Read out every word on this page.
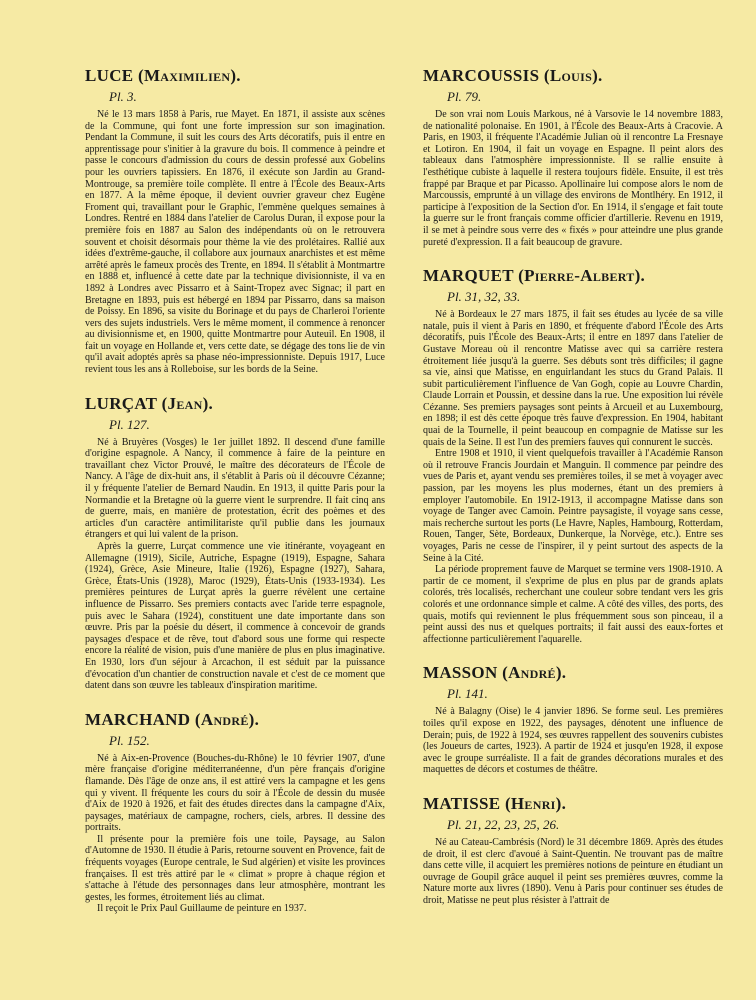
LUCE (Maximilien).
Pl. 3.

Né le 13 mars 1858 à Paris, rue Mayet. En 1871, il assiste aux scènes de la Commune, qui font une forte impression sur son imagination. Pendant la Commune, il suit les cours des Arts décoratifs, puis il entre en apprentissage pour s'initier à la gravure du bois. Il commence à peindre et passe le concours d'admission du cours de dessin professé aux Gobelins pour les ouvriers tapissiers. En 1876, il exécute son Jardin au Grand-Montrouge, sa première toile complète. Il entre à l'École des Beaux-Arts en 1877. A la même époque, il devient ouvrier graveur chez Eugène Froment qui, travaillant pour le Graphic, l'emmène quelques semaines à Londres. Rentré en 1884 dans l'atelier de Carolus Duran, il expose pour la première fois en 1887 au Salon des indépendants où on le retrouvera souvent et choisit désormais pour thème la vie des prolétaires. Rallié aux idées d'extrême-gauche, il collabore aux journaux anarchistes et est même arrêté après le fameux procès des Trente, en 1894. Il s'établit à Montmartre en 1888 et, influencé à cette date par la technique divisionniste, il va en 1892 à Londres avec Pissarro et à Saint-Tropez avec Signac; il part en Bretagne en 1893, puis est hébergé en 1894 par Pissarro, dans sa maison de Poissy. En 1896, sa visite du Borinage et du pays de Charleroi l'oriente vers des sujets industriels. Vers le même moment, il commence à renoncer au divisionnisme et, en 1900, quitte Montmartre pour Auteuil. En 1908, il fait un voyage en Hollande et, vers cette date, se dégage des tons lie de vin qu'il avait adoptés après sa phase néo-impressionniste. Depuis 1917, Luce revient tous les ans à Rolleboise, sur les bords de la Seine.

LURÇAT (Jean).
Pl. 127.

Né à Bruyères (Vosges) le 1er juillet 1892. Il descend d'une famille d'origine espagnole. A Nancy, il commence à faire de la peinture en travaillant chez Victor Prouvé, le maître des décorateurs de l'École de Nancy. A l'âge de dix-huit ans, il s'établit à Paris où il découvre Cézanne; il y fréquente l'atelier de Bernard Naudin. En 1913, il quitte Paris pour la Normandie et la Bretagne où la guerre vient le surprendre. Il fait cinq ans de guerre, mais, en manière de protestation, écrit des poèmes et des articles d'un caractère antimilitariste qu'il publie dans les journaux étrangers et qui lui valent de la prison.

Après la guerre, Lurçat commence une vie itinérante, voyageant en Allemagne (1919), Sicile, Autriche, Espagne (1919), Espagne, Sahara (1924), Grèce, Asie Mineure, Italie (1926), Espagne (1927), Sahara, Grèce, États-Unis (1928), Maroc (1929), États-Unis (1933-1934). Les premières peintures de Lurçat après la guerre révèlent une certaine influence de Pissarro. Ses premiers contacts avec l'aride terre espagnole, puis avec le Sahara (1924), constituent une date importante dans son œuvre. Pris par la poésie du désert, il commence à concevoir de grands paysages d'espace et de rêve, tout d'abord sous une forme qui respecte encore la réalité de vision, puis d'une manière de plus en plus imaginative. En 1930, lors d'un séjour à Arcachon, il est séduit par la puissance d'évocation d'un chantier de construction navale et c'est de ce moment que datent dans son œuvre les tableaux d'inspiration maritime.

MARCHAND (André).
Pl. 152.

Né à Aix-en-Provence (Bouches-du-Rhône) le 10 février 1907, d'une mère française d'origine méditerranéenne, d'un père français d'origine flamande. Dès l'âge de onze ans, il est attiré vers la campagne et les gens qui y vivent. Il fréquente les cours du soir à l'École de dessin du musée d'Aix de 1920 à 1926, et fait des études directes dans la campagne d'Aix, paysages, matériaux de campagne, rochers, ciels, arbres. Il dessine des portraits.

Il présente pour la première fois une toile, Paysage, au Salon d'Automne de 1930. Il étudie à Paris, retourne souvent en Provence, fait de fréquents voyages (Europe centrale, le Sud algérien) et visite les provinces françaises. Il est très attiré par le « climat » propre à chaque région et s'attache à l'étude des personnages dans leur atmosphère, montrant les gestes, les formes, étroitement liés au climat.

Il reçoit le Prix Paul Guillaume de peinture en 1937.

MARCOUSSIS (Louis).
Pl. 79.

De son vrai nom Louis Markous, né à Varsovie le 14 novembre 1883, de nationalité polonaise. En 1901, à l'École des Beaux-Arts à Cracovie. A Paris, en 1903, il fréquente l'Académie Julian où il rencontre La Fresnaye et Lotiron. En 1904, il fait un voyage en Espagne. Il peint alors des tableaux dans l'atmosphère impressionniste. Il se rallie ensuite à l'esthétique cubiste à laquelle il restera toujours fidèle. Ensuite, il est très frappé par Braque et par Picasso. Apollinaire lui compose alors le nom de Marcoussis, emprunté à un village des environs de Montlhéry. En 1912, il participe à l'exposition de la Section d'or. En 1914, il s'engage et fait toute la guerre sur le front français comme officier d'artillerie. Revenu en 1919, il se met à peindre sous verre des « fixés » pour atteindre une plus grande pureté d'expression. Il a fait beaucoup de gravure.

MARQUET (Pierre-Albert).
Pl. 31, 32, 33.

Né à Bordeaux le 27 mars 1875, il fait ses études au lycée de sa ville natale, puis il vient à Paris en 1890, et fréquente d'abord l'École des Arts décoratifs, puis l'École des Beaux-Arts; il entre en 1897 dans l'atelier de Gustave Moreau où il rencontre Matisse avec qui sa carrière restera étroitement liée jusqu'à la guerre. Ses débuts sont très difficiles; il gagne sa vie, ainsi que Matisse, en enguirlandant les stucs du Grand Palais. Il subit particulièrement l'influence de Van Gogh, copie au Louvre Chardin, Claude Lorrain et Poussin, et dessine dans la rue. Une exposition lui révèle Cézanne. Ses premiers paysages sont peints à Arcueil et au Luxembourg, en 1898; il est dès cette époque très fauve d'expression. En 1904, habitant quai de la Tournelle, il peint beaucoup en compagnie de Matisse sur les quais de la Seine. Il est l'un des premiers fauves qui connurent le succès.

Entre 1908 et 1910, il vient quelquefois travailler à l'Académie Ranson où il retrouve Francis Jourdain et Manguin. Il commence par peindre des vues de Paris et, ayant vendu ses premières toiles, il se met à voyager avec passion, par les moyens les plus modernes, étant un des premiers à employer l'automobile. En 1912-1913, il accompagne Matisse dans son voyage de Tanger avec Camoin. Peintre paysagiste, il voyage sans cesse, mais recherche surtout les ports (Le Havre, Naples, Hambourg, Rotterdam, Rouen, Tanger, Sète, Bordeaux, Dunkerque, la Norvège, etc.). Entre ses voyages, Paris ne cesse de l'inspirer, il y peint surtout des aspects de la Seine à la Cité.

La période proprement fauve de Marquet se termine vers 1908-1910. A partir de ce moment, il s'exprime de plus en plus par de grands aplats colorés, très localisés, recherchant une couleur sobre tendant vers les gris colorés et une ordonnance simple et calme. A côté des villes, des ports, des quais, motifs qui reviennent le plus fréquemment sous son pinceau, il a peint aussi des nus et quelques portraits; il fait aussi des eaux-fortes et affectionne particulièrement l'aquarelle.

MASSON (André).
Pl. 141.

Né à Balagny (Oise) le 4 janvier 1896. Se forme seul. Les premières toiles qu'il expose en 1922, des paysages, dénotent une influence de Derain; puis, de 1922 à 1924, ses œuvres rappellent des souvenirs cubistes (les Joueurs de cartes, 1923). A partir de 1924 et jusqu'en 1928, il expose avec le groupe surréaliste. Il a fait de grandes décorations murales et des maquettes de décors et costumes de théâtre.

MATISSE (Henri).
Pl. 21, 22, 23, 25, 26.

Né au Cateau-Cambrésis (Nord) le 31 décembre 1869. Après des études de droit, il est clerc d'avoué à Saint-Quentin. Ne trouvant pas de maître dans cette ville, il acquiert les premières notions de peinture en étudiant un ouvrage de Goupil grâce auquel il peint ses premières œuvres, comme la Nature morte aux livres (1890). Venu à Paris pour continuer ses études de droit, Matisse ne peut plus résister à l'attrait de
